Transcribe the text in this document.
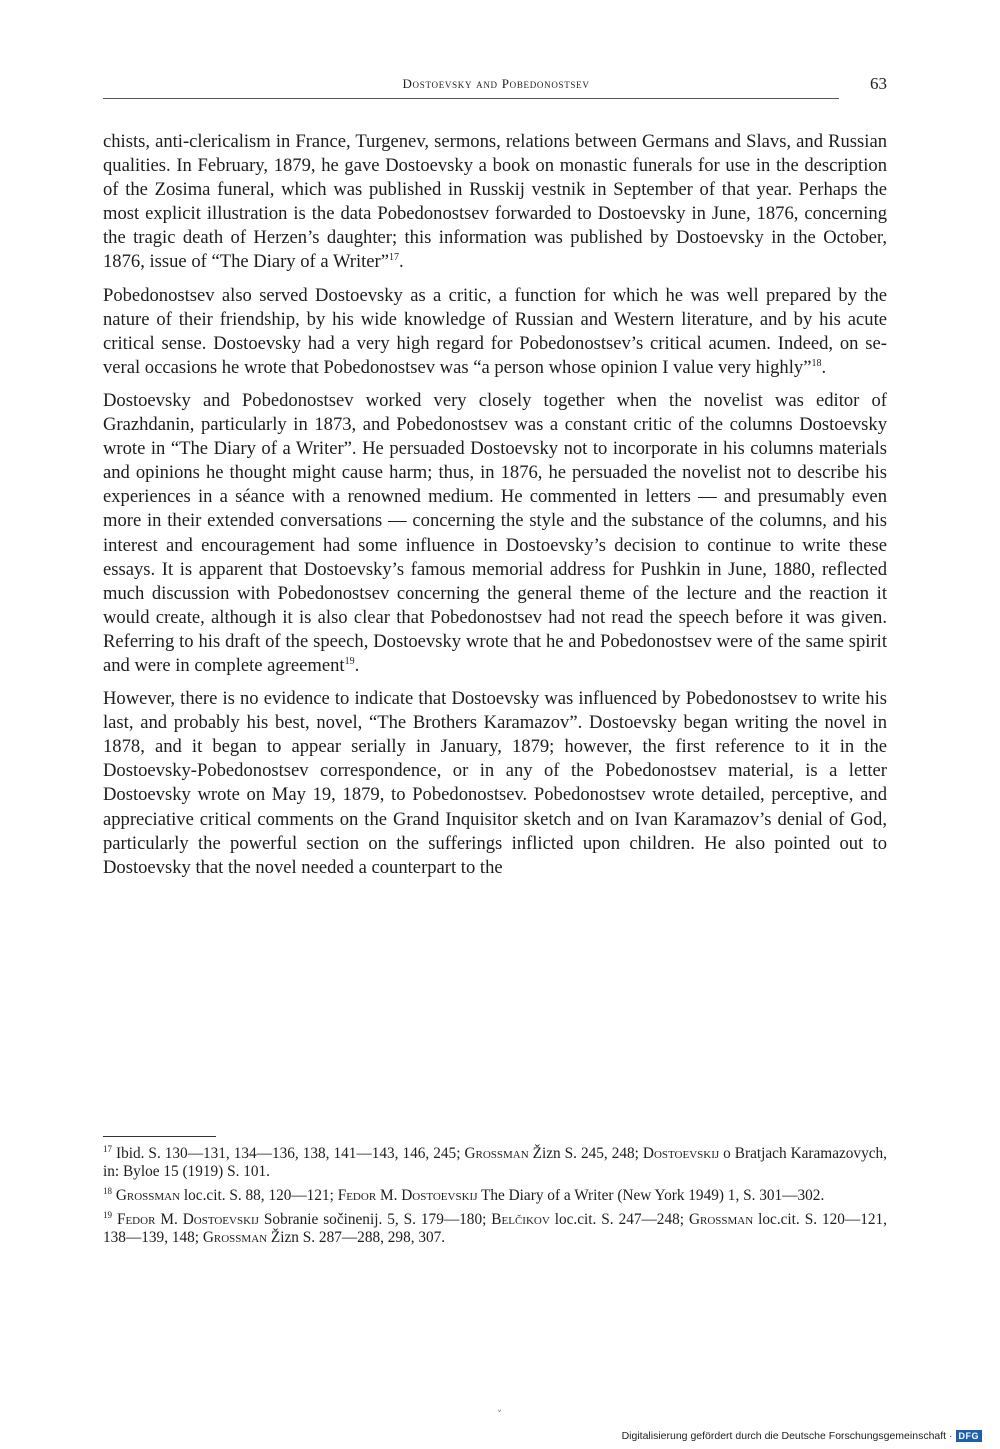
Dostoevsky and Pobedonostsev	63

chists, anti-clericalism in France, Turgenev, sermons, relations between Germans and Slavs, and Russian qualities. In February, 1879, he gave Dostoevsky a book on monastic funerals for use in the description of the Zosima funeral, which was published in Russkij vestnik in September of that year. Perhaps the most explicit illustration is the data Pobedonostsev forwarded to Dostoevsky in June, 1876, concerning the tragic death of Herzen’s daughter; this information was published by Dostoevsky in the October, 1876, issue of “The Diary of a Writer”$^{17}$.

Pobedonostsev also served Dostoevsky as a critic, a function for which he was well prepared by the nature of their friendship, by his wide knowledge of Russian and Western literature, and by his acute critical sense. Dostoevsky had a very high regard for Pobedonostsev’s critical acumen. Indeed, on several occasions he wrote that Pobedonostsev was “a person whose opinion I value very highly”$^{18}$.

Dostoevsky and Pobedonostsev worked very closely together when the novelist was editor of Grazhdanin, particularly in 1873, and Pobedonostsev was a constant critic of the columns Dostoevsky wrote in “The Diary of a Writer”. He persuaded Dostoevsky not to incorporate in his columns materials and opinions he thought might cause harm; thus, in 1876, he persuaded the novelist not to describe his experiences in a séance with a renowned medium. He commented in letters — and presumably even more in their extended conversations — concerning the style and the substance of the columns, and his interest and encouragement had some influence in Dostoevsky’s decision to continue to write these essays. It is apparent that Dostoevsky’s famous memorial address for Pushkin in June, 1880, reflected much discussion with Pobedonostsev concerning the general theme of the lecture and the reaction it would create, although it is also clear that Pobedonostsev had not read the speech before it was given. Referring to his draft of the speech, Dostoevsky wrote that he and Pobedonostsev were of the same spirit and were in complete agreement$^{19}$.

However, there is no evidence to indicate that Dostoevsky was influenced by Pobedonostsev to write his last, and probably his best, novel, “The Brothers Karamazov”. Dostoevsky began writing the novel in 1878, and it began to appear serially in January, 1879; however, the first reference to it in the Dostoevsky-Pobedonostsev correspondence, or in any of the Pobedonostsev material, is a letter Dostoevsky wrote on May 19, 1879, to Pobedonostsev. Pobedonostsev wrote detailed, perceptive, and appreciative critical comments on the Grand Inquisitor sketch and on Ivan Karamazov’s denial of God, particularly the powerful section on the sufferings inflicted upon children. He also pointed out to Dostoevsky that the novel needed a counterpart to the

$^{17}$ Ibid. S. 130—131, 134—136, 138, 141—143, 146, 245; Grossman Žizn S. 245, 248; Dostoevskij o Bratjach Karamazovych, in: Byloe 15 (1919) S. 101.

$^{18}$ Grossman loc.cit. S. 88, 120—121; Fedor M. Dostoevskij The Diary of a Writer (New York 1949) 1, S. 301—302.

$^{19}$ Fedor M. Dostoevskij Sobranie sočinenij. 5, S. 179—180; Belčikov loc.cit. S. 247—248; Grossman loc.cit. S. 120—121, 138—139, 148; Grossman Žizn S. 287—288, 298, 307.

˅
Digitalisierung gefördert durch die Deutsche Forschungsgemeinschaft · DFG
